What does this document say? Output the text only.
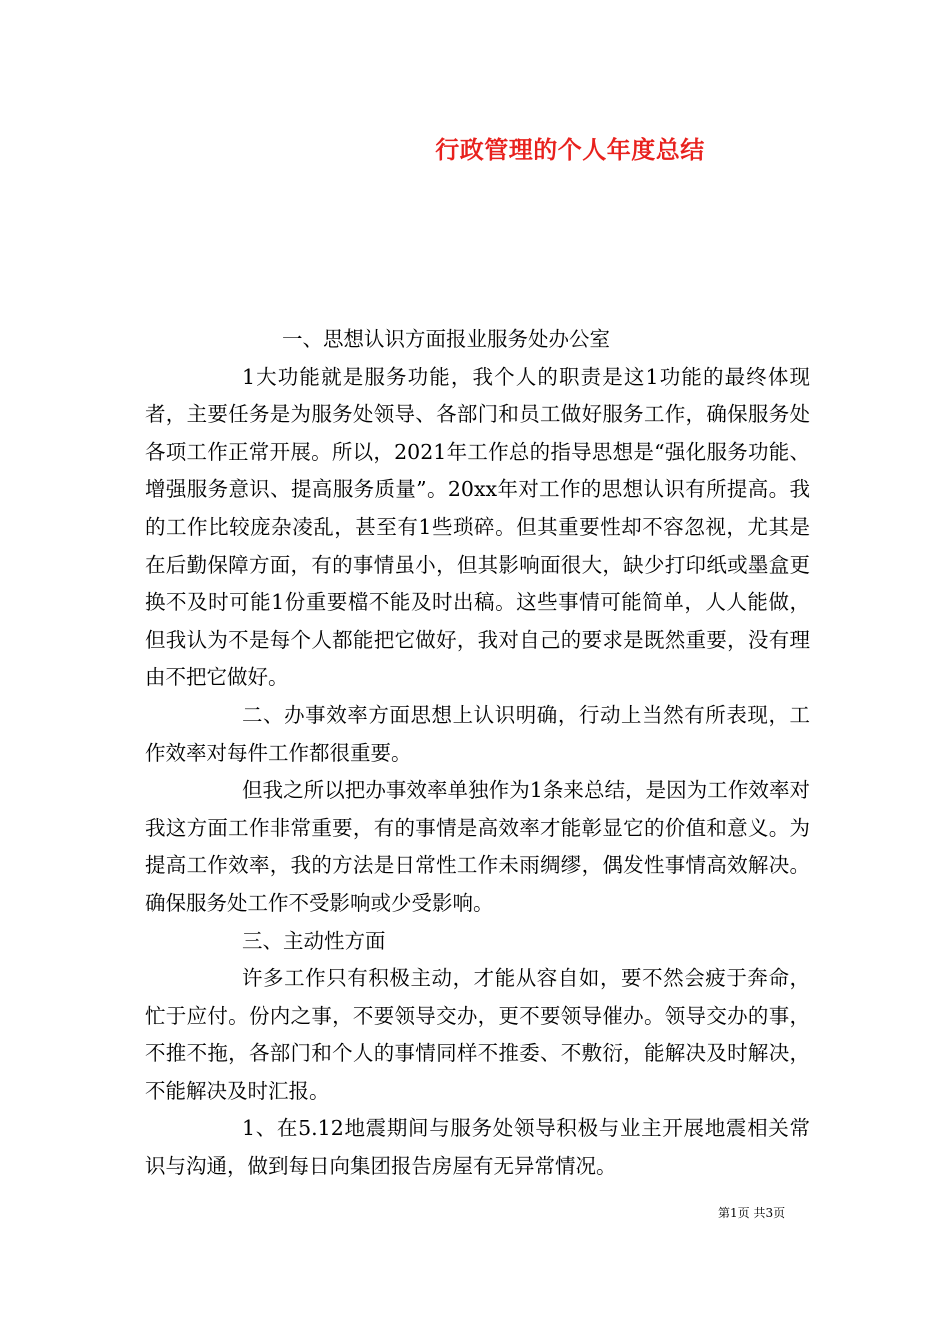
行政管理的个人年度总结

一、思想认识方面报业服务处办公室

1大功能就是服务功能，我个人的职责是这1功能的最终体现者，主要任务是为服务处领导、各部门和员工做好服务工作，确保服务处各项工作正常开展。所以，2021年工作总的指导思想是“强化服务功能、增强服务意识、提高服务质量”。20xx年对工作的思想认识有所提高。我的工作比较庞杂凌乱，甚至有1些琐碎。但其重要性却不容忽视，尤其是在后勤保障方面，有的事情虽小，但其影响面很大，缺少打印纸或墨盒更换不及时可能1份重要檔不能及时出稿。这些事情可能简单，人人能做，但我认为不是每个人都能把它做好，我对自己的要求是既然重要，没有理由不把它做好。

二、办事效率方面思想上认识明确，行动上当然有所表现，工作效率对每件工作都很重要。

但我之所以把办事效率单独作为1条来总结，是因为工作效率对我这方面工作非常重要，有的事情是高效率才能彰显它的价值和意义。为提高工作效率，我的方法是日常性工作未雨绸缪，偶发性事情高效解决。确保服务处工作不受影响或少受影响。

三、主动性方面

许多工作只有积极主动，才能从容自如，要不然会疲于奔命，忙于应付。份内之事，不要领导交办，更不要领导催办。领导交办的事，不推不拖，各部门和个人的事情同样不推委、不敷衍，能解决及时解决，不能解决及时汇报。

1、在5.12地震期间与服务处领导积极与业主开展地震相关常识与沟通，做到每日向集团报告房屋有无异常情况。

第1页 共3页
